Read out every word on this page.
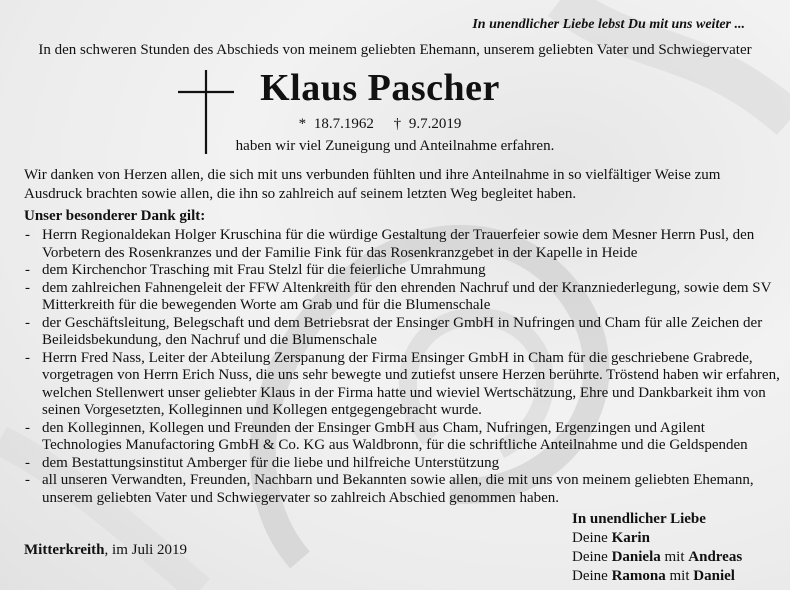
In unendlicher Liebe lebst Du mit uns weiter ...
In den schweren Stunden des Abschieds von meinem geliebten Ehemann, unserem geliebten Vater und Schwiegervater
Klaus Pascher
* 18.7.1962 † 9.7.2019
haben wir viel Zuneigung und Anteilnahme erfahren.
Wir danken von Herzen allen, die sich mit uns verbunden fühlten und ihre Anteilnahme in so vielfältiger Weise zum Ausdruck brachten sowie allen, die ihn so zahlreich auf seinem letzten Weg begleitet haben.
Unser besonderer Dank gilt:
- Herrn Regionaldekan Holger Kruschina für die würdige Gestaltung der Trauerfeier sowie dem Mesner Herrn Pusl, den Vorbetern des Rosenkranzes und der Familie Fink für das Rosenkranzgebet in der Kapelle in Heide
- dem Kirchenchor Trasching mit Frau Stelzl für die feierliche Umrahmung
- dem zahlreichen Fahnengeleit der FFW Altenkreith für den ehrenden Nachruf und der Kranzniederlegung, sowie dem SV Mitterkreith für die bewegenden Worte am Grab und für die Blumenschale
- der Geschäftsleitung, Belegschaft und dem Betriebsrat der Ensinger GmbH in Nufringen und Cham für alle Zeichen der Beileidsbekundung, den Nachruf und die Blumenschale
- Herrn Fred Nass, Leiter der Abteilung Zerspanung der Firma Ensinger GmbH in Cham für die geschriebene Grabrede, vorgetragen von Herrn Erich Nuss, die uns sehr bewegte und zutiefst unsere Herzen berührte. Tröstend haben wir erfahren, welchen Stellenwert unser geliebter Klaus in der Firma hatte und wieviel Wertschätzung, Ehre und Dankbarkeit ihm von seinen Vorgesetzten, Kolleginnen und Kollegen entgegengebracht wurde.
- den Kolleginnen, Kollegen und Freunden der Ensinger GmbH aus Cham, Nufringen, Ergenzingen und Agilent Technologies Manufactoring GmbH & Co. KG aus Waldbronn, für die schriftliche Anteilnahme und die Geldspenden
- dem Bestattungsinstitut Amberger für die liebe und hilfreiche Unterstützung
- all unseren Verwandten, Freunden, Nachbarn und Bekannten sowie allen, die mit uns von meinem geliebten Ehemann, unserem geliebten Vater und Schwiegervater so zahlreich Abschied genommen haben.
Mitterkreith, im Juli 2019
In unendlicher Liebe
Deine Karin
Deine Daniela mit Andreas
Deine Ramona mit Daniel
